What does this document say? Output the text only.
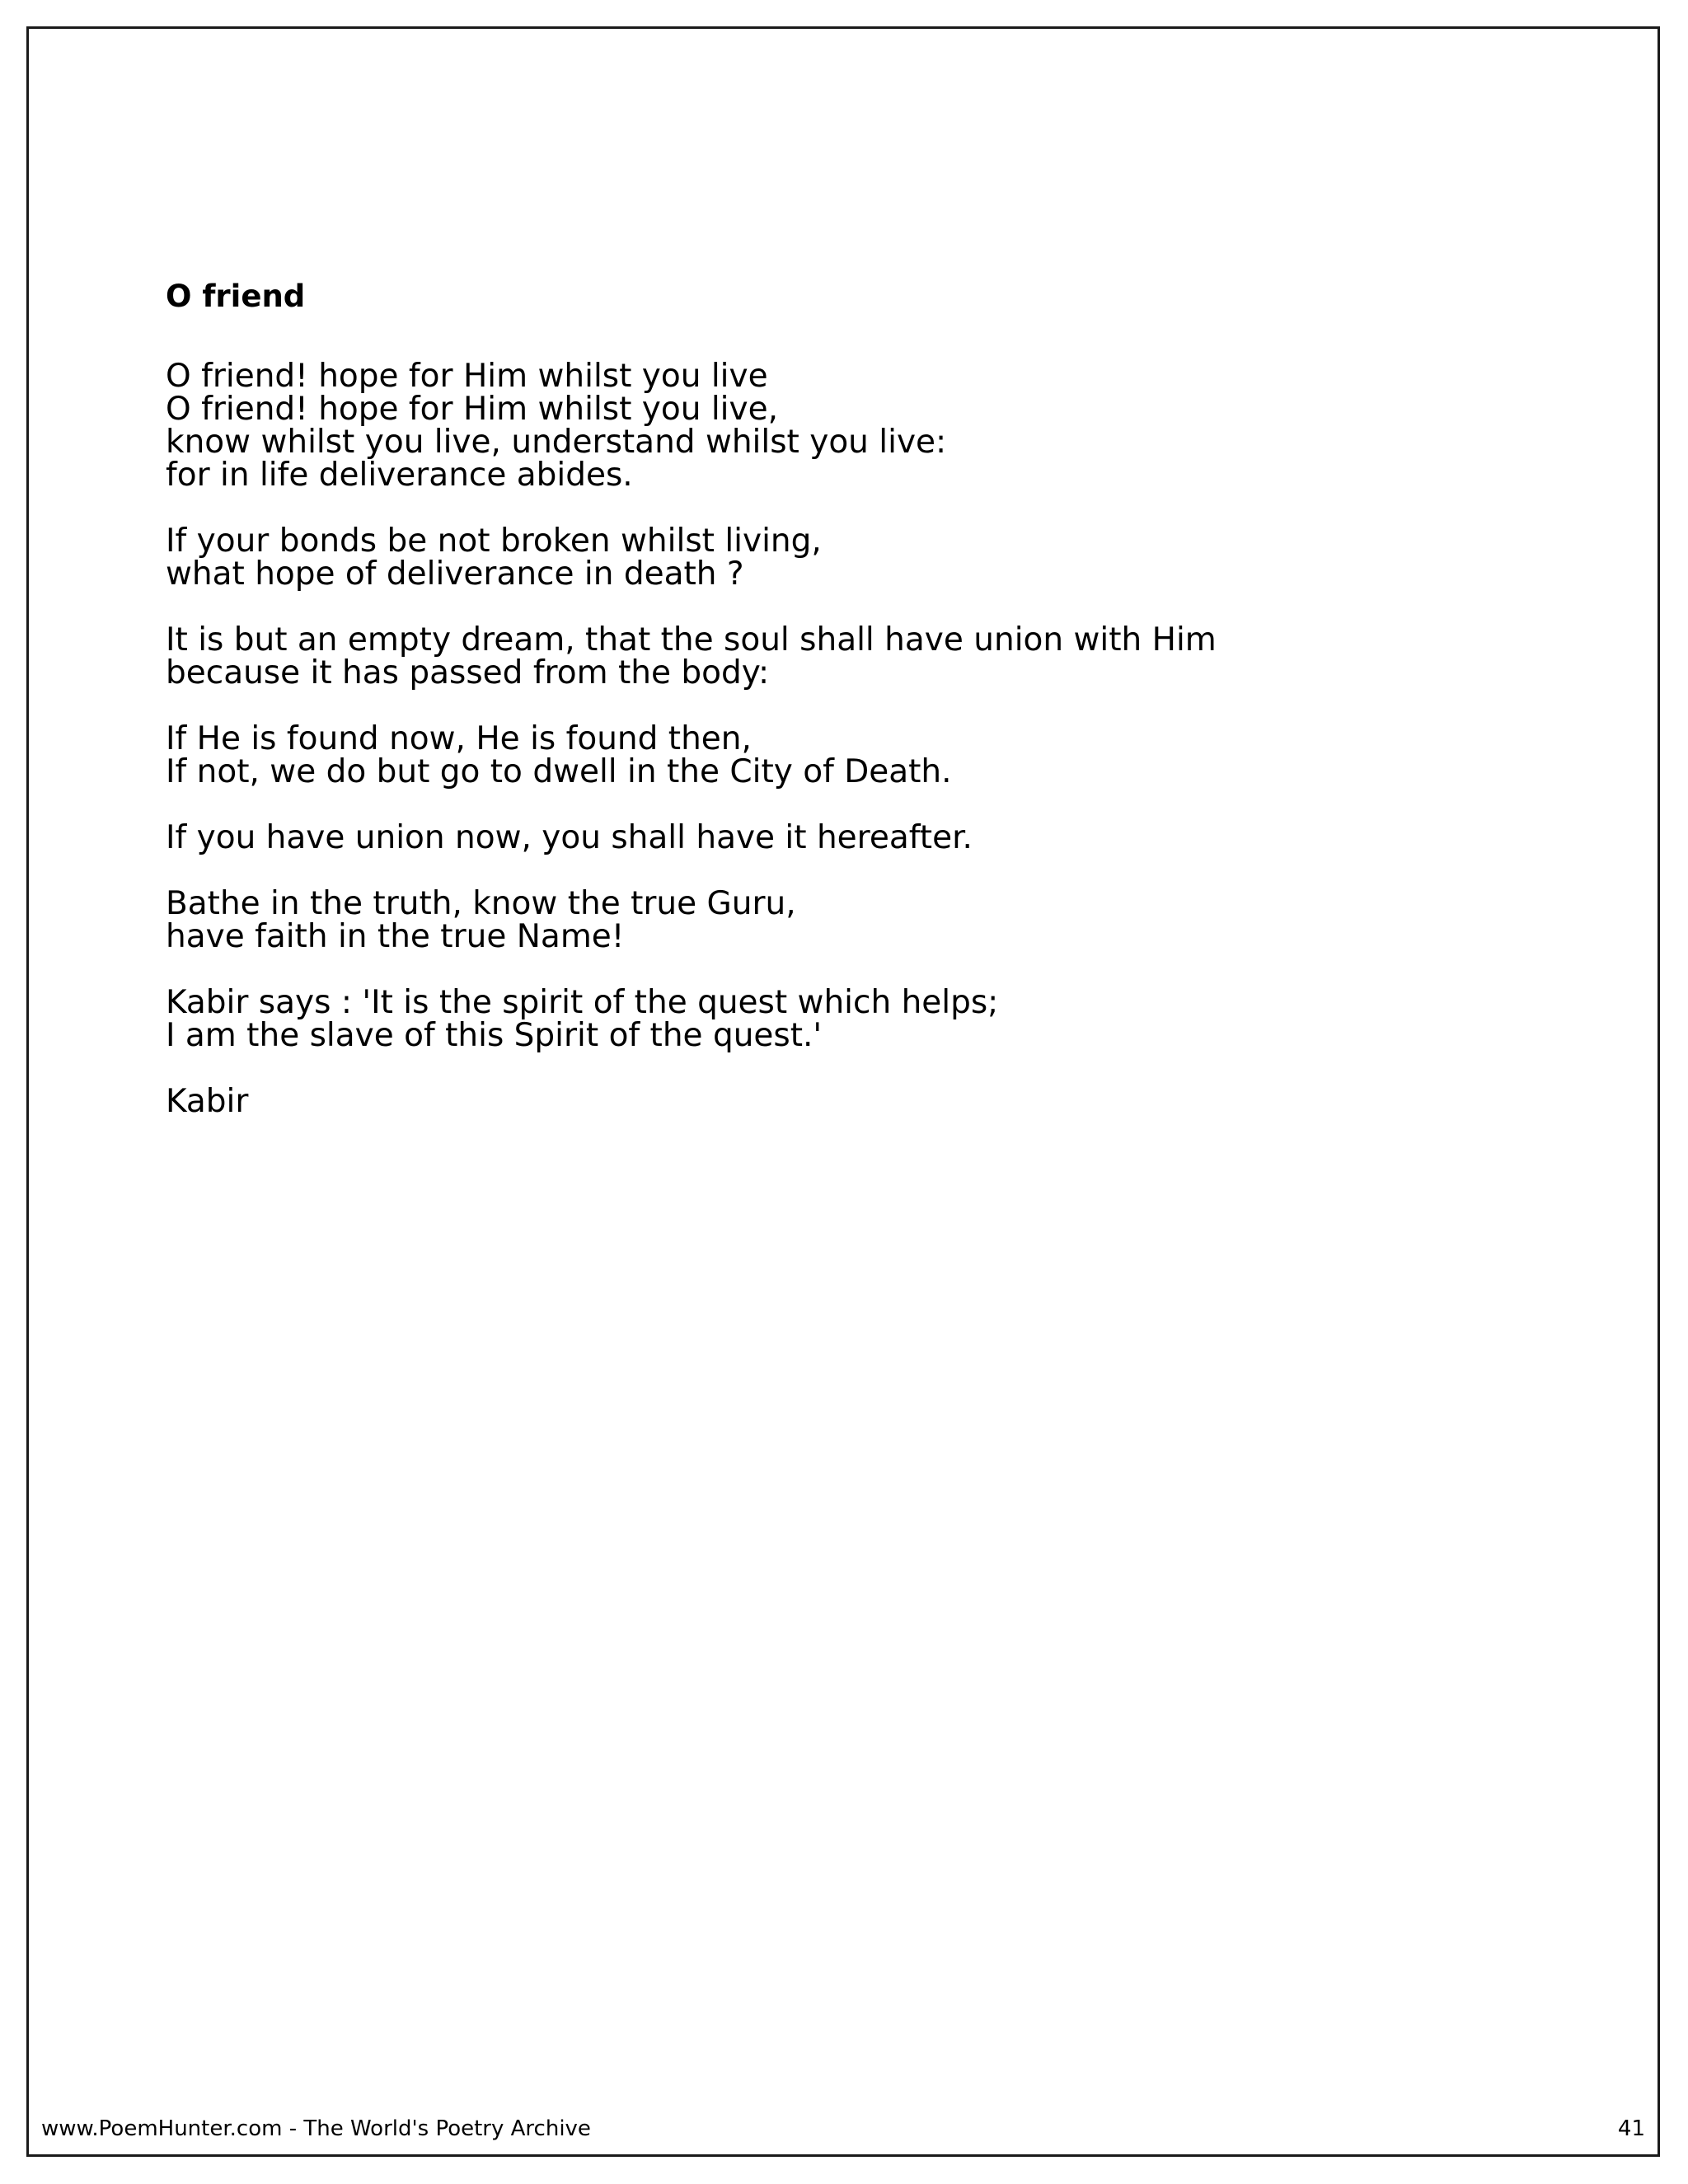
O friend
O friend! hope for Him whilst you live
O friend! hope for Him whilst you live,
know whilst you live, understand whilst you live:
for in life deliverance abides.
If your bonds be not broken whilst living,
what hope of deliverance in death ?
It is but an empty dream, that the soul shall have union with Him
because it has passed from the body:
If He is found now, He is found then,
If not, we do but go to dwell in the City of Death.
If you have union now, you shall have it hereafter.
Bathe in the truth, know the true Guru,
have faith in the true Name!
Kabir says : 'It is the spirit of the quest which helps;
I am the slave of this Spirit of the quest.'
Kabir
www.PoemHunter.com - The World's Poetry Archive	41
